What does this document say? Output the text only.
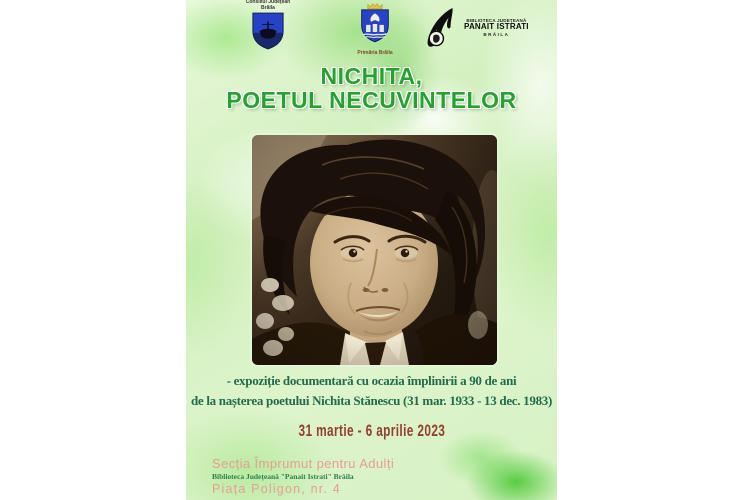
Consiliul Județean
Brăila
Primăria Brăila
BIBLIOTECA JUDEȚEANĂ
PANAIT ISTRATI
BRĂILA
NICHITA,
POETUL NECUVINTELOR
- expoziție documentară cu ocazia împlinirii a 90 de ani
de la nașterea poetului Nichita Stănescu (31 mar. 1933 - 13 dec. 1983)
31 martie - 6 aprilie 2023
Secția Împrumut pentru Adulți
Biblioteca Județeană "Panait Istrati" Brăila
Piața Poligon, nr. 4
